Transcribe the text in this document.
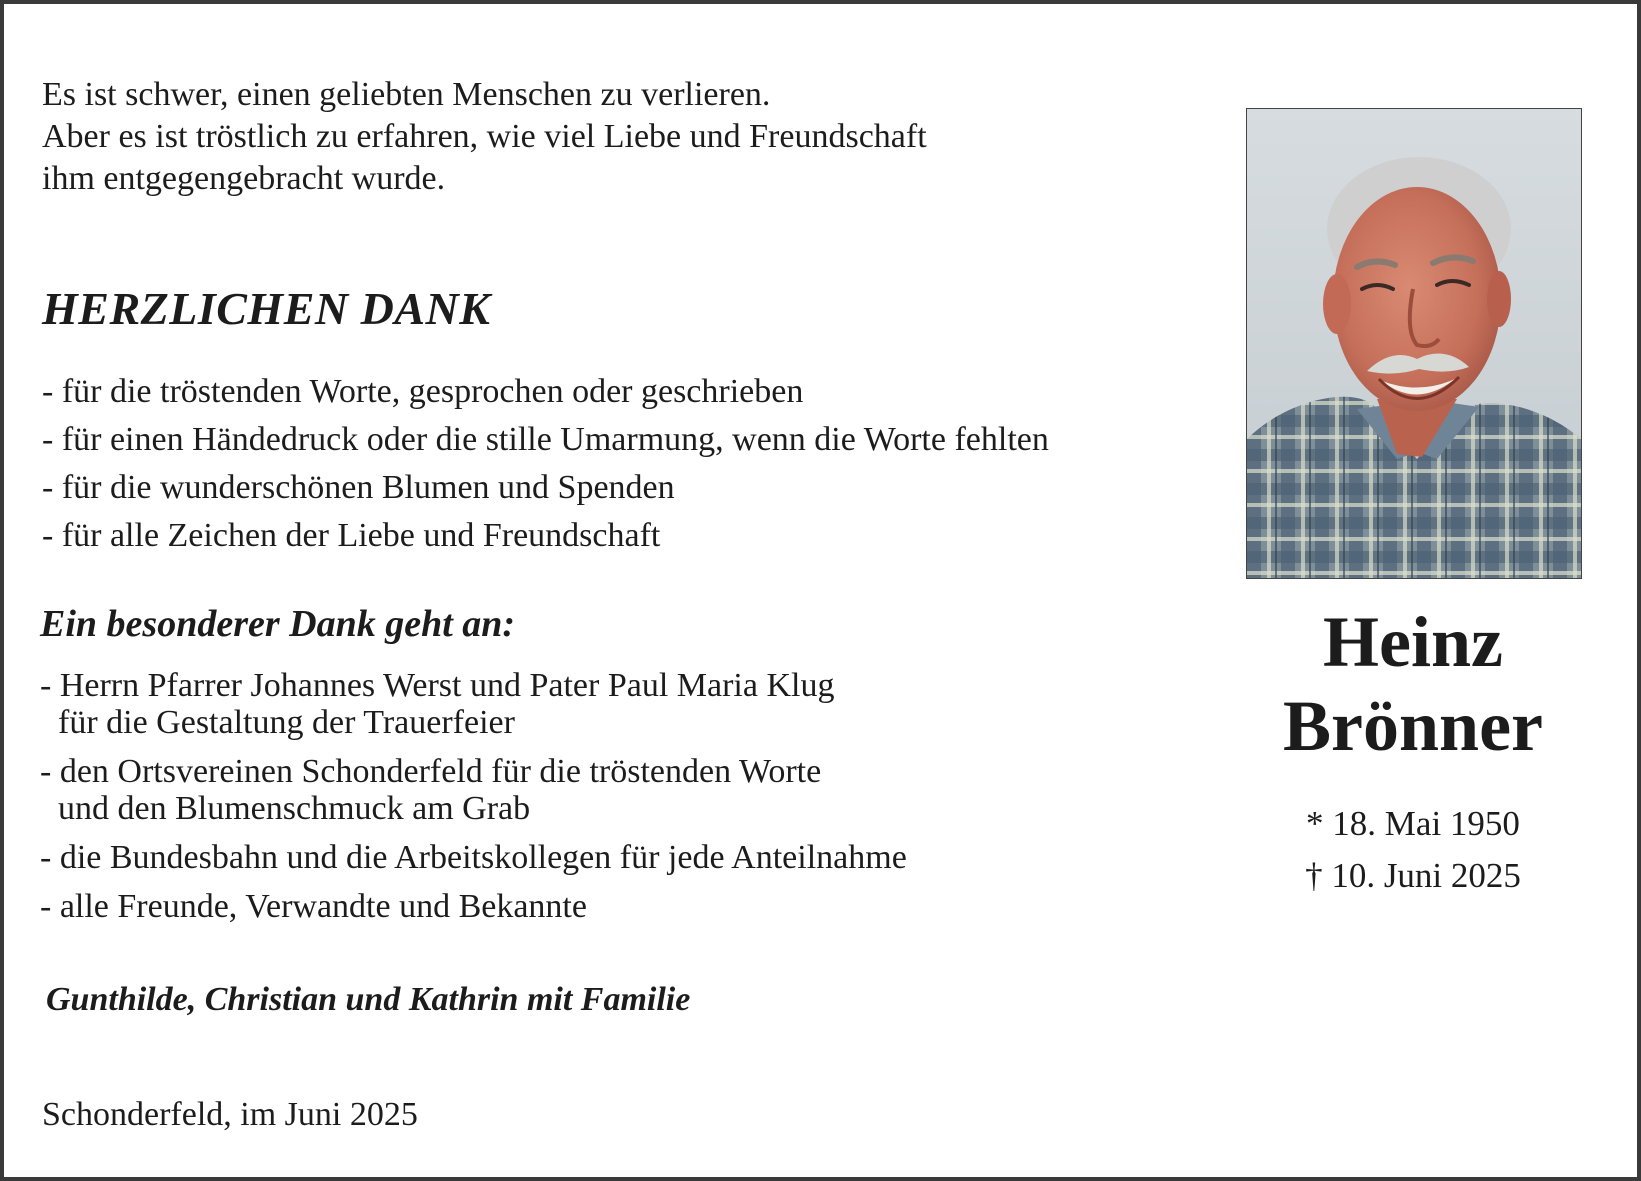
Es ist schwer, einen geliebten Menschen zu verlieren.
Aber es ist tröstlich zu erfahren, wie viel Liebe und Freundschaft
ihm entgegengebracht wurde.
HERZLICHEN DANK
- für die tröstenden Worte, gesprochen oder geschrieben
- für einen Händedruck oder die stille Umarmung, wenn die Worte fehlten
- für die wunderschönen Blumen und Spenden
- für alle Zeichen der Liebe und Freundschaft
Ein besonderer Dank geht an:
- Herrn Pfarrer Johannes Werst und Pater Paul Maria Klug
für die Gestaltung der Trauerfeier
- den Ortsvereinen Schonderfeld für die tröstenden Worte
und den Blumenschmuck am Grab
- die Bundesbahn und die Arbeitskollegen für jede Anteilnahme
- alle Freunde, Verwandte und Bekannte
Gunthilde, Christian und Kathrin mit Familie
Schonderfeld, im Juni 2025
Heinz
Brönner
* 18. Mai 1950
† 10. Juni 2025
